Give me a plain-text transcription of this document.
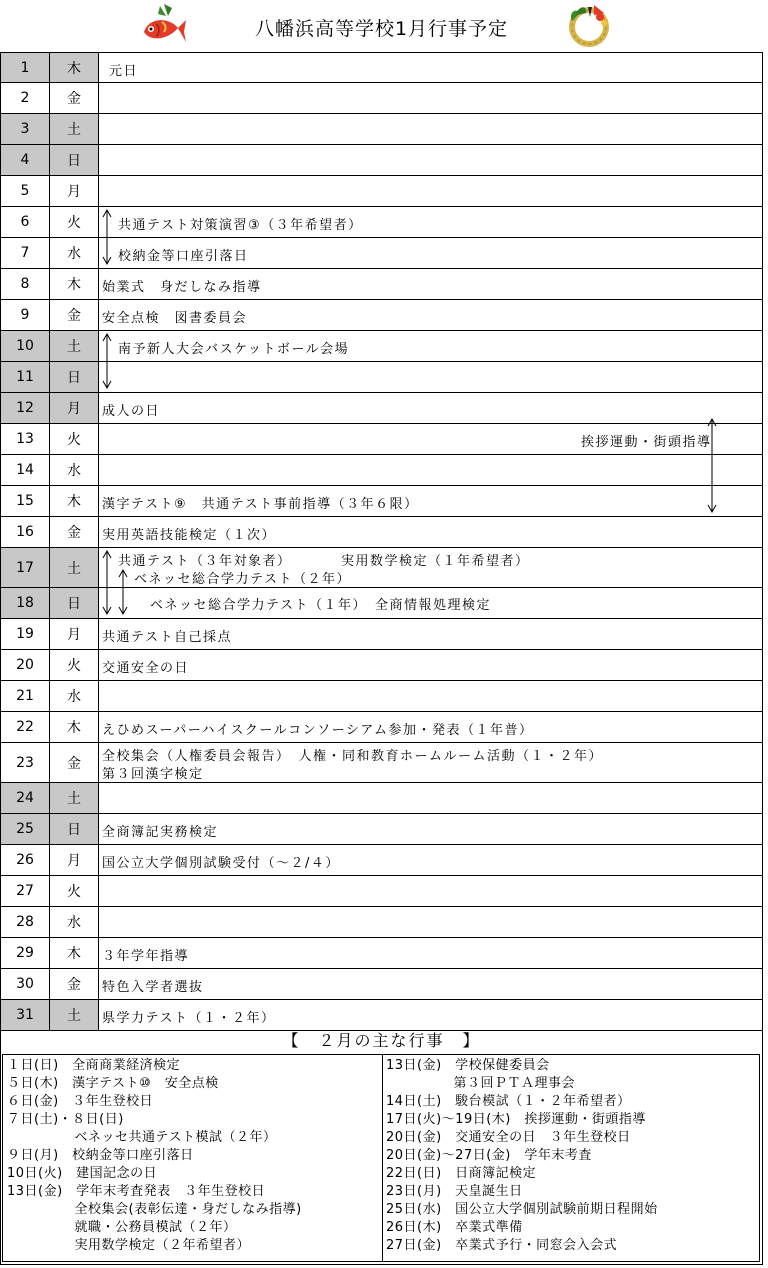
八幡浜高等学校1月行事予定
1	木	元日
2	金
3	土
4	日
5	月
6	火	共通テスト対策演習③（３年希望者）
7	水	校納金等口座引落日
8	木	始業式　身だしなみ指導
9	金	安全点検　図書委員会
10	土	南予新人大会バスケットボール会場
11	日
12	月	成人の日
13	火	挨拶運動・街頭指導
14	水
15	木	漢字テスト⑨　共通テスト事前指導（３年６限）
16	金	実用英語技能検定（１次）
17	土	共通テスト（３年対象者）	実用数学検定（１年希望者）
ベネッセ総合学力テスト（２年）
18	日	ベネッセ総合学力テスト（１年）　全商情報処理検定
19	月	共通テスト自己採点
20	火	交通安全の日
21	水
22	木	えひめスーパーハイスクールコンソーシアム参加・発表（１年普）
23	金	全校集会（人権委員会報告）　人権・同和教育ホームルーム活動（１・２年）
第３回漢字検定
24	土
25	日	全商簿記実務検定
26	月	国公立大学個別試験受付（～２/４）
27	火
28	水
29	木	３年学年指導
30	金	特色入学者選抜
31	土	県学力テスト（１・２年）
【　２月の主な行事　】
１日(日)　全商商業経済検定
５日(木)　漢字テスト⑩　安全点検
６日(金)　３年生登校日
７日(土)・８日(日)
　　　　　ベネッセ共通テスト模試（２年）
９日(月)　校納金等口座引落日
10日(火)　建国記念の日
13日(金)　学年末考査発表　３年生登校日
　　　　　全校集会(表彰伝達・身だしなみ指導)
　　　　　就職・公務員模試（２年）
　　　　　実用数学検定（２年希望者）
13日(金)　学校保健委員会
　　　　　第３回ＰＴＡ理事会
14日(土)　駿台模試（１・２年希望者）
17日(火)～19日(木)　挨拶運動・街頭指導
20日(金)　交通安全の日　３年生登校日
20日(金)～27日(金)　学年末考査
22日(日)　日商簿記検定
23日(月)　天皇誕生日
25日(水)　国公立大学個別試験前期日程開始
26日(木)　卒業式準備
27日(金)　卒業式予行・同窓会入会式
